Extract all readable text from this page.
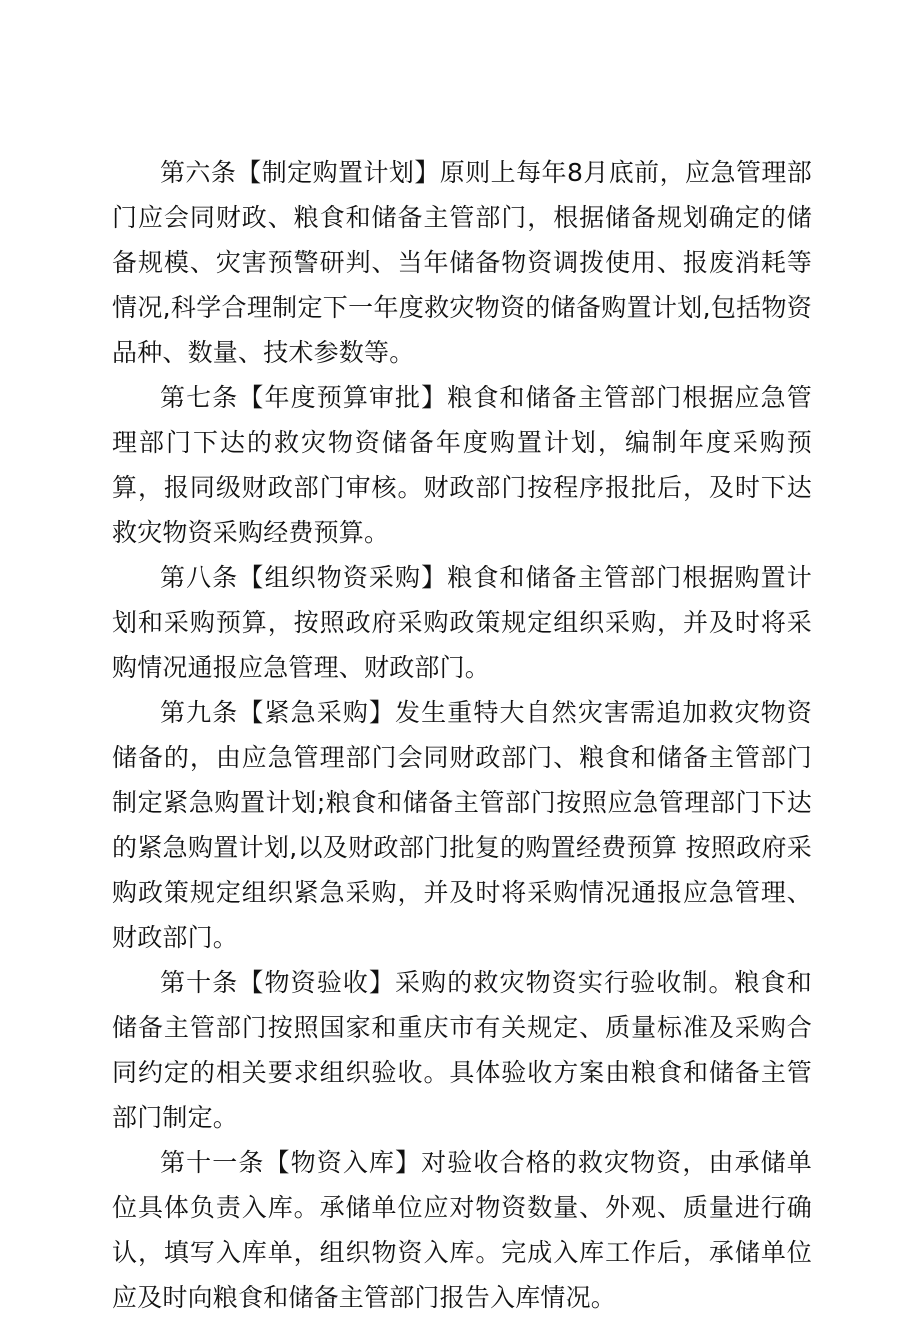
第六条【制定购置计划】原则上每年8月底前，应急管理部门应会同财政、粮食和储备主管部门，根据储备规划确定的储备规模、灾害预警研判、当年储备物资调拨使用、报废消耗等情况,科学合理制定下一年度救灾物资的储备购置计划,包括物资品种、数量、技术参数等。

第七条【年度预算审批】粮食和储备主管部门根据应急管理部门下达的救灾物资储备年度购置计划，编制年度采购预算，报同级财政部门审核。财政部门按程序报批后，及时下达救灾物资采购经费预算。

第八条【组织物资采购】粮食和储备主管部门根据购置计划和采购预算，按照政府采购政策规定组织采购，并及时将采购情况通报应急管理、财政部门。

第九条【紧急采购】发生重特大自然灾害需追加救灾物资储备的，由应急管理部门会同财政部门、粮食和储备主管部门制定紧急购置计划;粮食和储备主管部门按照应急管理部门下达的紧急购置计划,以及财政部门批复的购置经费预算 按照政府采购政策规定组织紧急采购，并及时将采购情况通报应急管理、财政部门。

第十条【物资验收】采购的救灾物资实行验收制。粮食和储备主管部门按照国家和重庆市有关规定、质量标准及采购合同约定的相关要求组织验收。具体验收方案由粮食和储备主管部门制定。

第十一条【物资入库】对验收合格的救灾物资，由承储单位具体负责入库。承储单位应对物资数量、外观、质量进行确认，填写入库单，组织物资入库。完成入库工作后，承储单位应及时向粮食和储备主管部门报告入库情况。
